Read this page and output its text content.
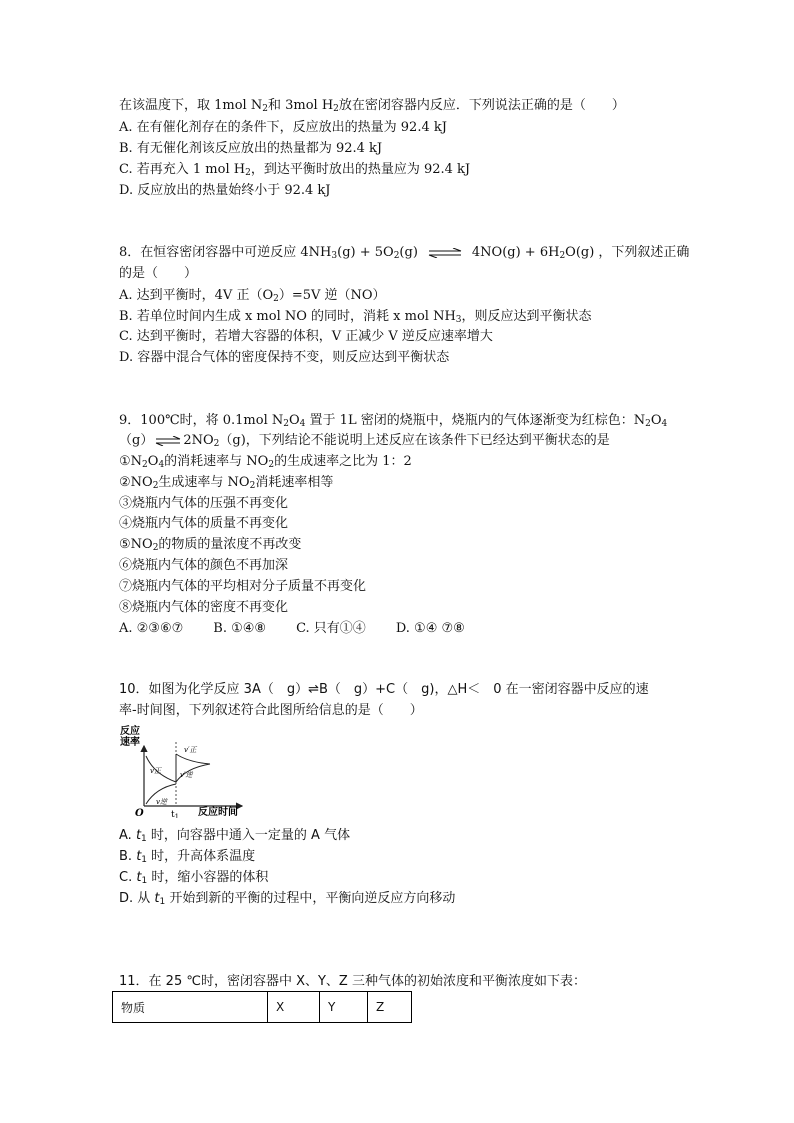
在该温度下，取 1mol $N_2$和 3mol $H_2$放在密闭容器内反应．下列说法正确的是（　　）
A. 在有催化剂存在的条件下，反应放出的热量为 92.4 kJ
B. 有无催化剂该反应放出的热量都为 92.4 kJ
C. 若再充入 1 mol $H_2$，到达平衡时放出的热量应为 92.4 kJ
D. 反应放出的热量始终小于 92.4 kJ
8．在恒容密闭容器中可逆反应 $4NH_3(g) + 5O_2(g)$ ⇌ $4NO(g) + 6H_2O(g)$ ，下列叙述正确
的是（　　）
A. 达到平衡时，4V 正$(O_2)=5V$ 逆（NO）
B. 若单位时间内生成 x mol NO 的同时，消耗 x mol $NH_3$，则反应达到平衡状态
C. 达到平衡时，若增大容器的体积，V 正减少 V 逆反应速率增大
D. 容器中混合气体的密度保持不变，则反应达到平衡状态
9．100℃时，将 0.1mol $N_2O_4$ 置于 1L 密闭的烧瓶中，烧瓶内的气体逐渐变为红棕色：$N_2O_4$
（g） ⇌ $2NO_2(g)$，下列结论不能说明上述反应在该条件下已经达到平衡状态的是
$①N_2O_4$的消耗速率与 $NO_2$的生成速率之比为 1：2
$②NO_2$生成速率与 $NO_2$消耗速率相等
③烧瓶内气体的压强不再变化
④烧瓶内气体的质量不再变化
$⑤NO_2$的物质的量浓度不再改变
⑥烧瓶内气体的颜色不再加深
⑦烧瓶内气体的平均相对分子质量不再变化
⑧烧瓶内气体的密度不再变化
A. ②③⑥⑦ B. ①④⑧ C. 只有①④ D. ①④ ⑦⑧
10．如图为化学反应 3A（　g）⇌B（　g）+C（　g)，△H＜　0 在一密闭容器中反应的速
率-时间图，下列叙述符合此图所给信息的是（　　）
反应
速率
O	$t_1$ 反应时间
v正
v逆
v′正
v′逆
A. $t_1$ 时，向容器中通入一定量的 A 气体
B. $t_1$ 时，升高体系温度
C. $t_1$ 时，缩小容器的体积
D. 从 $t_1$ 开始到新的平衡的过程中，平衡向逆反应方向移动
11．在 25 ℃时，密闭容器中 X、Y、Z 三种气体的初始浓度和平衡浓度如下表：
物质	X	Y	Z
